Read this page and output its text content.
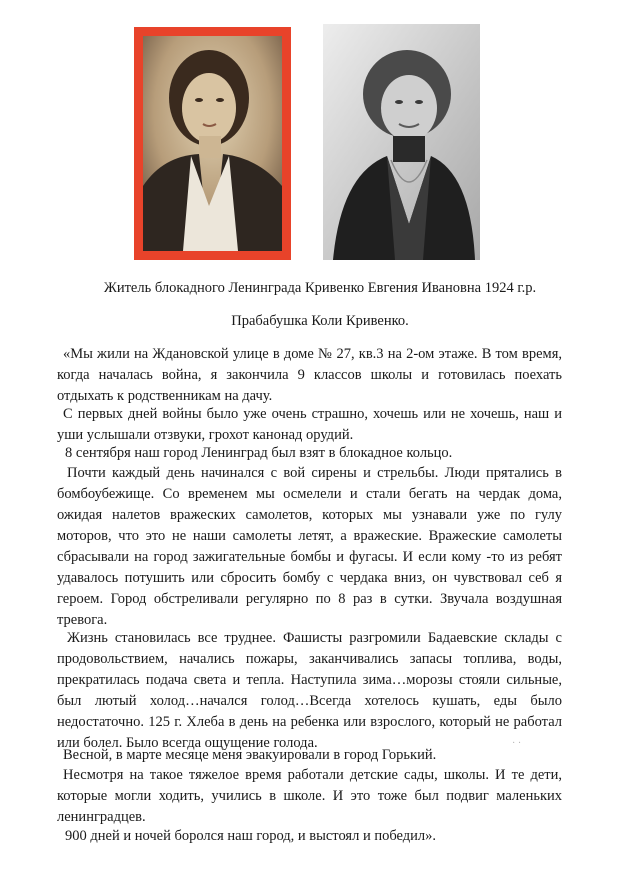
Житель блокадного Ленинграда Кривенко Евгения Ивановна 1924 г.р.
Прабабушка Коли Кривенко.

«Мы жили на Ждановской улице в доме № 27, кв.3 на 2-ом этаже. В том время, когда началась война, я закончила 9 классов школы и готовилась поехать отдыхать к родственникам на дачу.

С первых дней войны было уже очень страшно, хочешь или не хочешь, наш и уши услышали отзвуки, грохот канонад орудий.

8 сентября наш город Ленинград был взят в блокадное кольцо.

Почти каждый день начинался с вой сирены и стрельбы. Люди прятались в бомбоубежище. Со временем мы осмелели и стали бегать на чердак дома, ожидая налетов вражеских самолетов, которых мы узнавали уже по гулу моторов, что это не наши самолеты летят, а вражеские. Вражеские самолеты сбрасывали на город зажигательные бомбы и фугасы. И если кому -то из ребят удавалось потушить или сбросить бомбу с чердака вниз, он чувствовал себ я героем. Город обстреливали регулярно по 8 раз в сутки. Звучала воздушная тревога.

Жизнь становилась все труднее. Фашисты разгромили Бадаевские склады с продовольствием, начались пожары, заканчивались запасы топлива, воды, прекратилась подача света и тепла. Наступила зима…морозы стояли сильные, был лютый холод…начался голод…Всегда хотелось кушать, еды было недостаточно. 125 г. Хлеба в день на ребенка или взрослого, который не работал или болел. Было всегда ощущение голода.

Весной, в марте месяце меня эвакуировали в город Горький.

Несмотря на такое тяжелое время работали детские сады, школы. И те дети, которые могли ходить, учились в школе. И это тоже был подвиг маленьких ленинградцев.

900 дней и ночей боролся наш город, и выстоял и победил».

· ·
